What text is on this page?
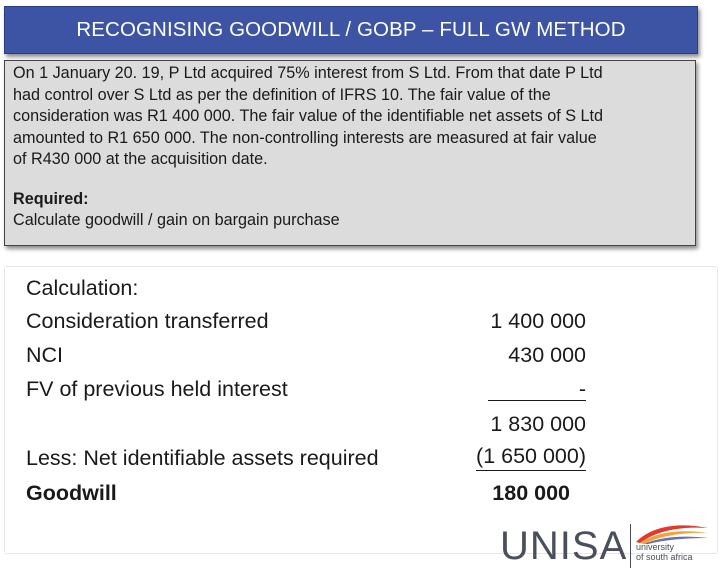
RECOGNISING GOODWILL / GOBP – FULL GW METHOD

On 1 January 20. 19, P Ltd acquired 75% interest from S Ltd. From that date P Ltd
had control over S Ltd as per the definition of IFRS 10. The fair value of the
consideration was R1 400 000. The fair value of the identifiable net assets of S Ltd
amounted to R1 650 000. The non-controlling interests are measured at fair value
of R430 000 at the acquisition date.

Required:
Calculate goodwill / gain on bargain purchase
Calculation:
Consideration transferred	1 400 000
NCI	430 000
FV of previous held interest	-
1 830 000
Less: Net identifiable assets required	(1 650 000)
Goodwill	180 000
UNISA university
of south africa
